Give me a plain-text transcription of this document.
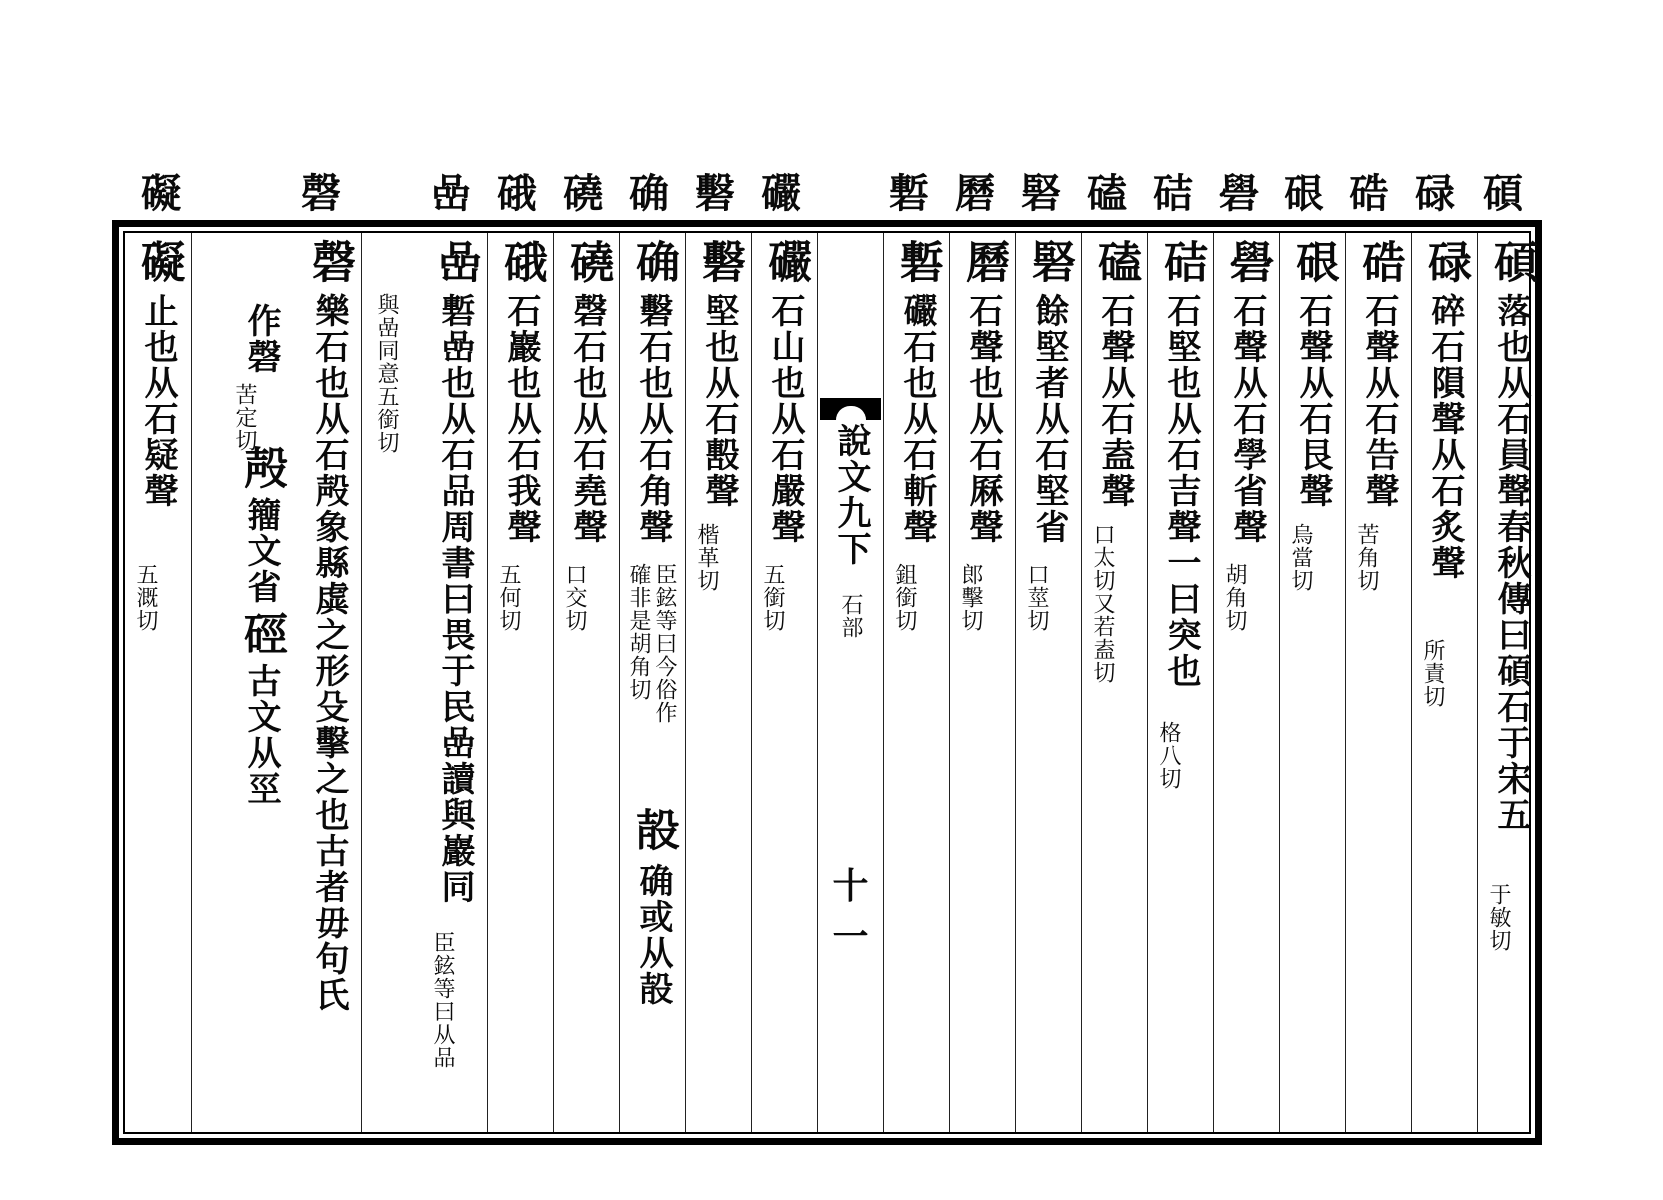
碩
碌
硞
硍
礐
硈
磕
硻
磿
磛
礹
礊
确
磽
硪
嵒
磬
礙
碩
落也从石員聲春秋傳曰碩石于宋五
于敏切
碌
碎石隕聲从石炙聲
所責切
硞
石聲从石告聲
苦角切
硍
石聲从石艮聲
烏當切
礐
石聲从石學省聲
胡角切
硈
石堅也从石吉聲一曰突也
格八切
磕
石聲从石盍聲
口太切又若盍切
硻
餘堅者从石堅省
口莖切
磿
石聲也从石厤聲
郎擊切
磛
礹石也从石斬聲
鉏銜切
說文九下
石部
十一
礹
石山也从石嚴聲
五銜切
礊
堅也从石毄聲
楷革切
确
礊石也从石角聲
臣鉉等曰今俗作
確非是胡角切
㱿
确或从㱿
磽
磬石也从石堯聲
口交切
硪
石巖也从石我聲
五何切
嵒
磛嵒也从石品周書曰畏于民嵒讀與巖同
臣鉉等曰从品
與嵒同意五銜切
磬
樂石也从石殸象縣虡之形殳擊之也古者毋句氏
作磬
苦定切
殸
籒文省
硜
古文从巠
礙
止也从石疑聲
五溉切
